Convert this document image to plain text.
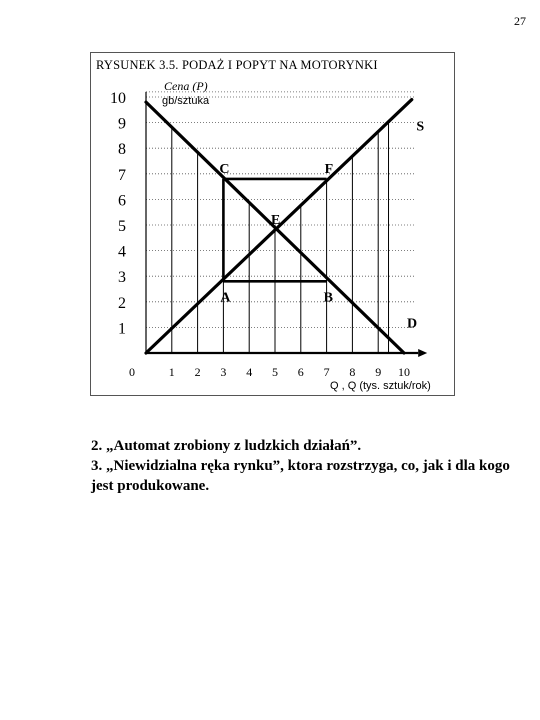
27
RYSUNEK 3.5. PODAŻ I POPYT NA MOTORYNKI
S
D
C	F
E
A	B
1
2
3
4
5
6
7
8
9
10
0	1 2 3 4 5 6 7 8 9 10
Cena (P)
gb/sztuka
Q , Q (tys. sztuk/rok)

2. „Automat zrobiony z ludzkich działań”.

3. „Niewidzialna ręka rynku”, ktora rozstrzyga, co, jak i dla kogo jest produkowane.
